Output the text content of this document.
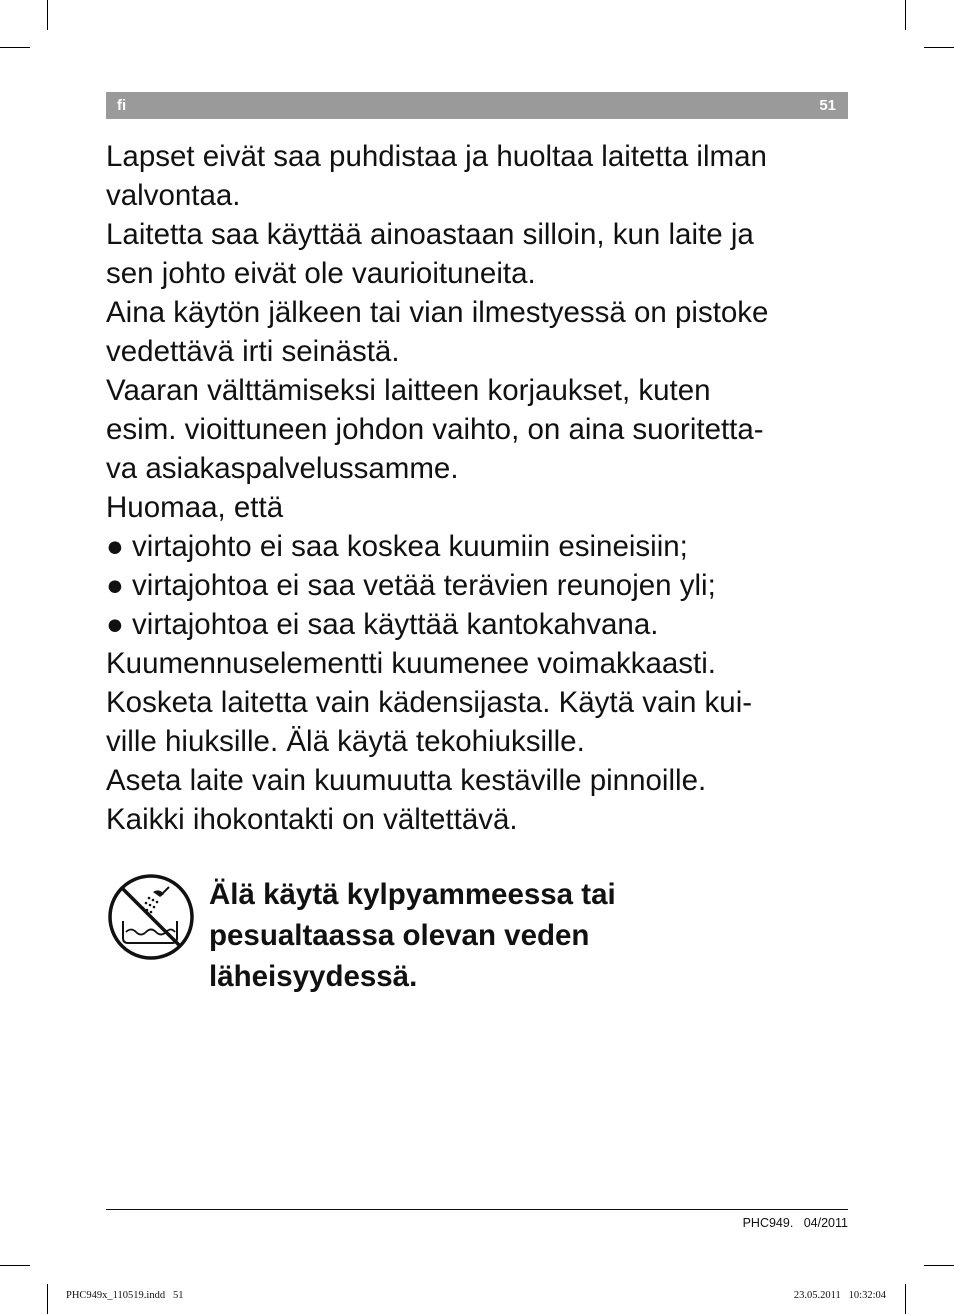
fi	51
Lapset eivät saa puhdistaa ja huoltaa laitetta ilman
valvontaa.
Laitetta saa käyttää ainoastaan silloin, kun laite ja
sen johto eivät ole vaurioituneita.
Aina käytön jälkeen tai vian ilmestyessä on pistoke
vedettävä irti seinästä.
Vaaran välttämiseksi laitteen korjaukset, kuten
esim. vioittuneen johdon vaihto, on aina suoritetta-
va asiakaspalvelussamme.
Huomaa, että
● virtajohto ei saa koskea kuumiin esineisiin;
● virtajohtoa ei saa vetää terävien reunojen yli;
● virtajohtoa ei saa käyttää kantokahvana.
Kuumennuselementti kuumenee voimakkaasti.
Kosketa laitetta vain kädensijasta. Käytä vain kui-
ville hiuksille. Älä käytä tekohiuksille.
Aseta laite vain kuumuutta kestäville pinnoille.
Kaikki ihokontakti on vältettävä.
Älä käytä kylpyammeessa tai
pesualtaassa olevan veden
läheisyydessä.
PHC949.   04/2011
PHC949x_110519.indd   51	23.05.2011   10:32:04
